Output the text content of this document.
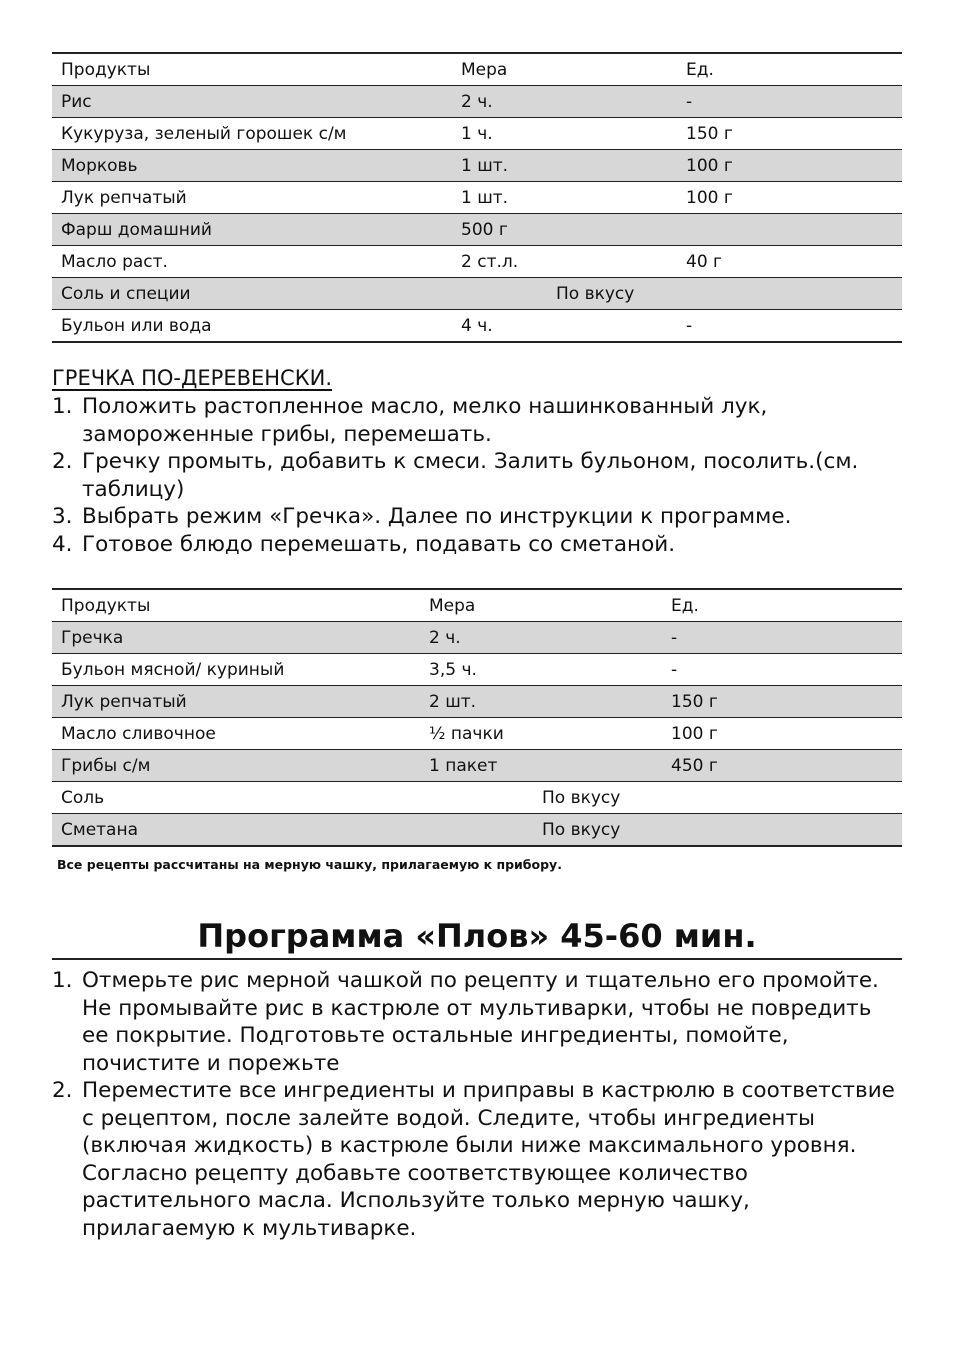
Продукты	Мера	Ед.
Рис	2 ч.	-
Кукуруза, зеленый горошек с/м	1 ч.	150 г
Морковь	1 шт.	100 г
Лук репчатый	1 шт.	100 г
Фарш домашний	500 г	
Масло раст.	2 ст.л.	40 г
Соль и специи	По вкусу	
Бульон или вода	4 ч.	-
ГРЕЧКА ПО-ДЕРЕВЕНСКИ.
1. Положить растопленное масло, мелко нашинкованный лук, замороженные грибы, перемешать.
2. Гречку промыть, добавить к смеси. Залить бульоном, посолить.(см. таблицу)
3. Выбрать режим «Гречка». Далее по инструкции к программе.
4. Готовое блюдо перемешать, подавать со сметаной.
Продукты	Мера	Ед.
Гречка	2 ч.	-
Бульон мясной/ куриный	3,5 ч.	-
Лук репчатый	2 шт.	150 г
Масло сливочное	½ пачки	100 г
Грибы с/м	1 пакет	450 г
Соль	По вкусу	
Сметана	По вкусу	
Все рецепты рассчитаны на мерную чашку, прилагаемую к прибору.
Программа «Плов» 45-60 мин.
1. Отмерьте рис мерной чашкой по рецепту и тщательно его промойте. Не промывайте рис в кастрюле от мультиварки, чтобы не повредить ее покрытие. Подготовьте остальные ингредиенты, помойте, почистите и порежьте
2. Переместите все ингредиенты и приправы в кастрюлю в соответствие с рецептом, после залейте водой. Следите, чтобы ингредиенты (включая жидкость) в кастрюле были ниже максимального уровня. Согласно рецепту добавьте соответствующее количество растительного масла. Используйте только мерную чашку, прилагаемую к мультиварке.
